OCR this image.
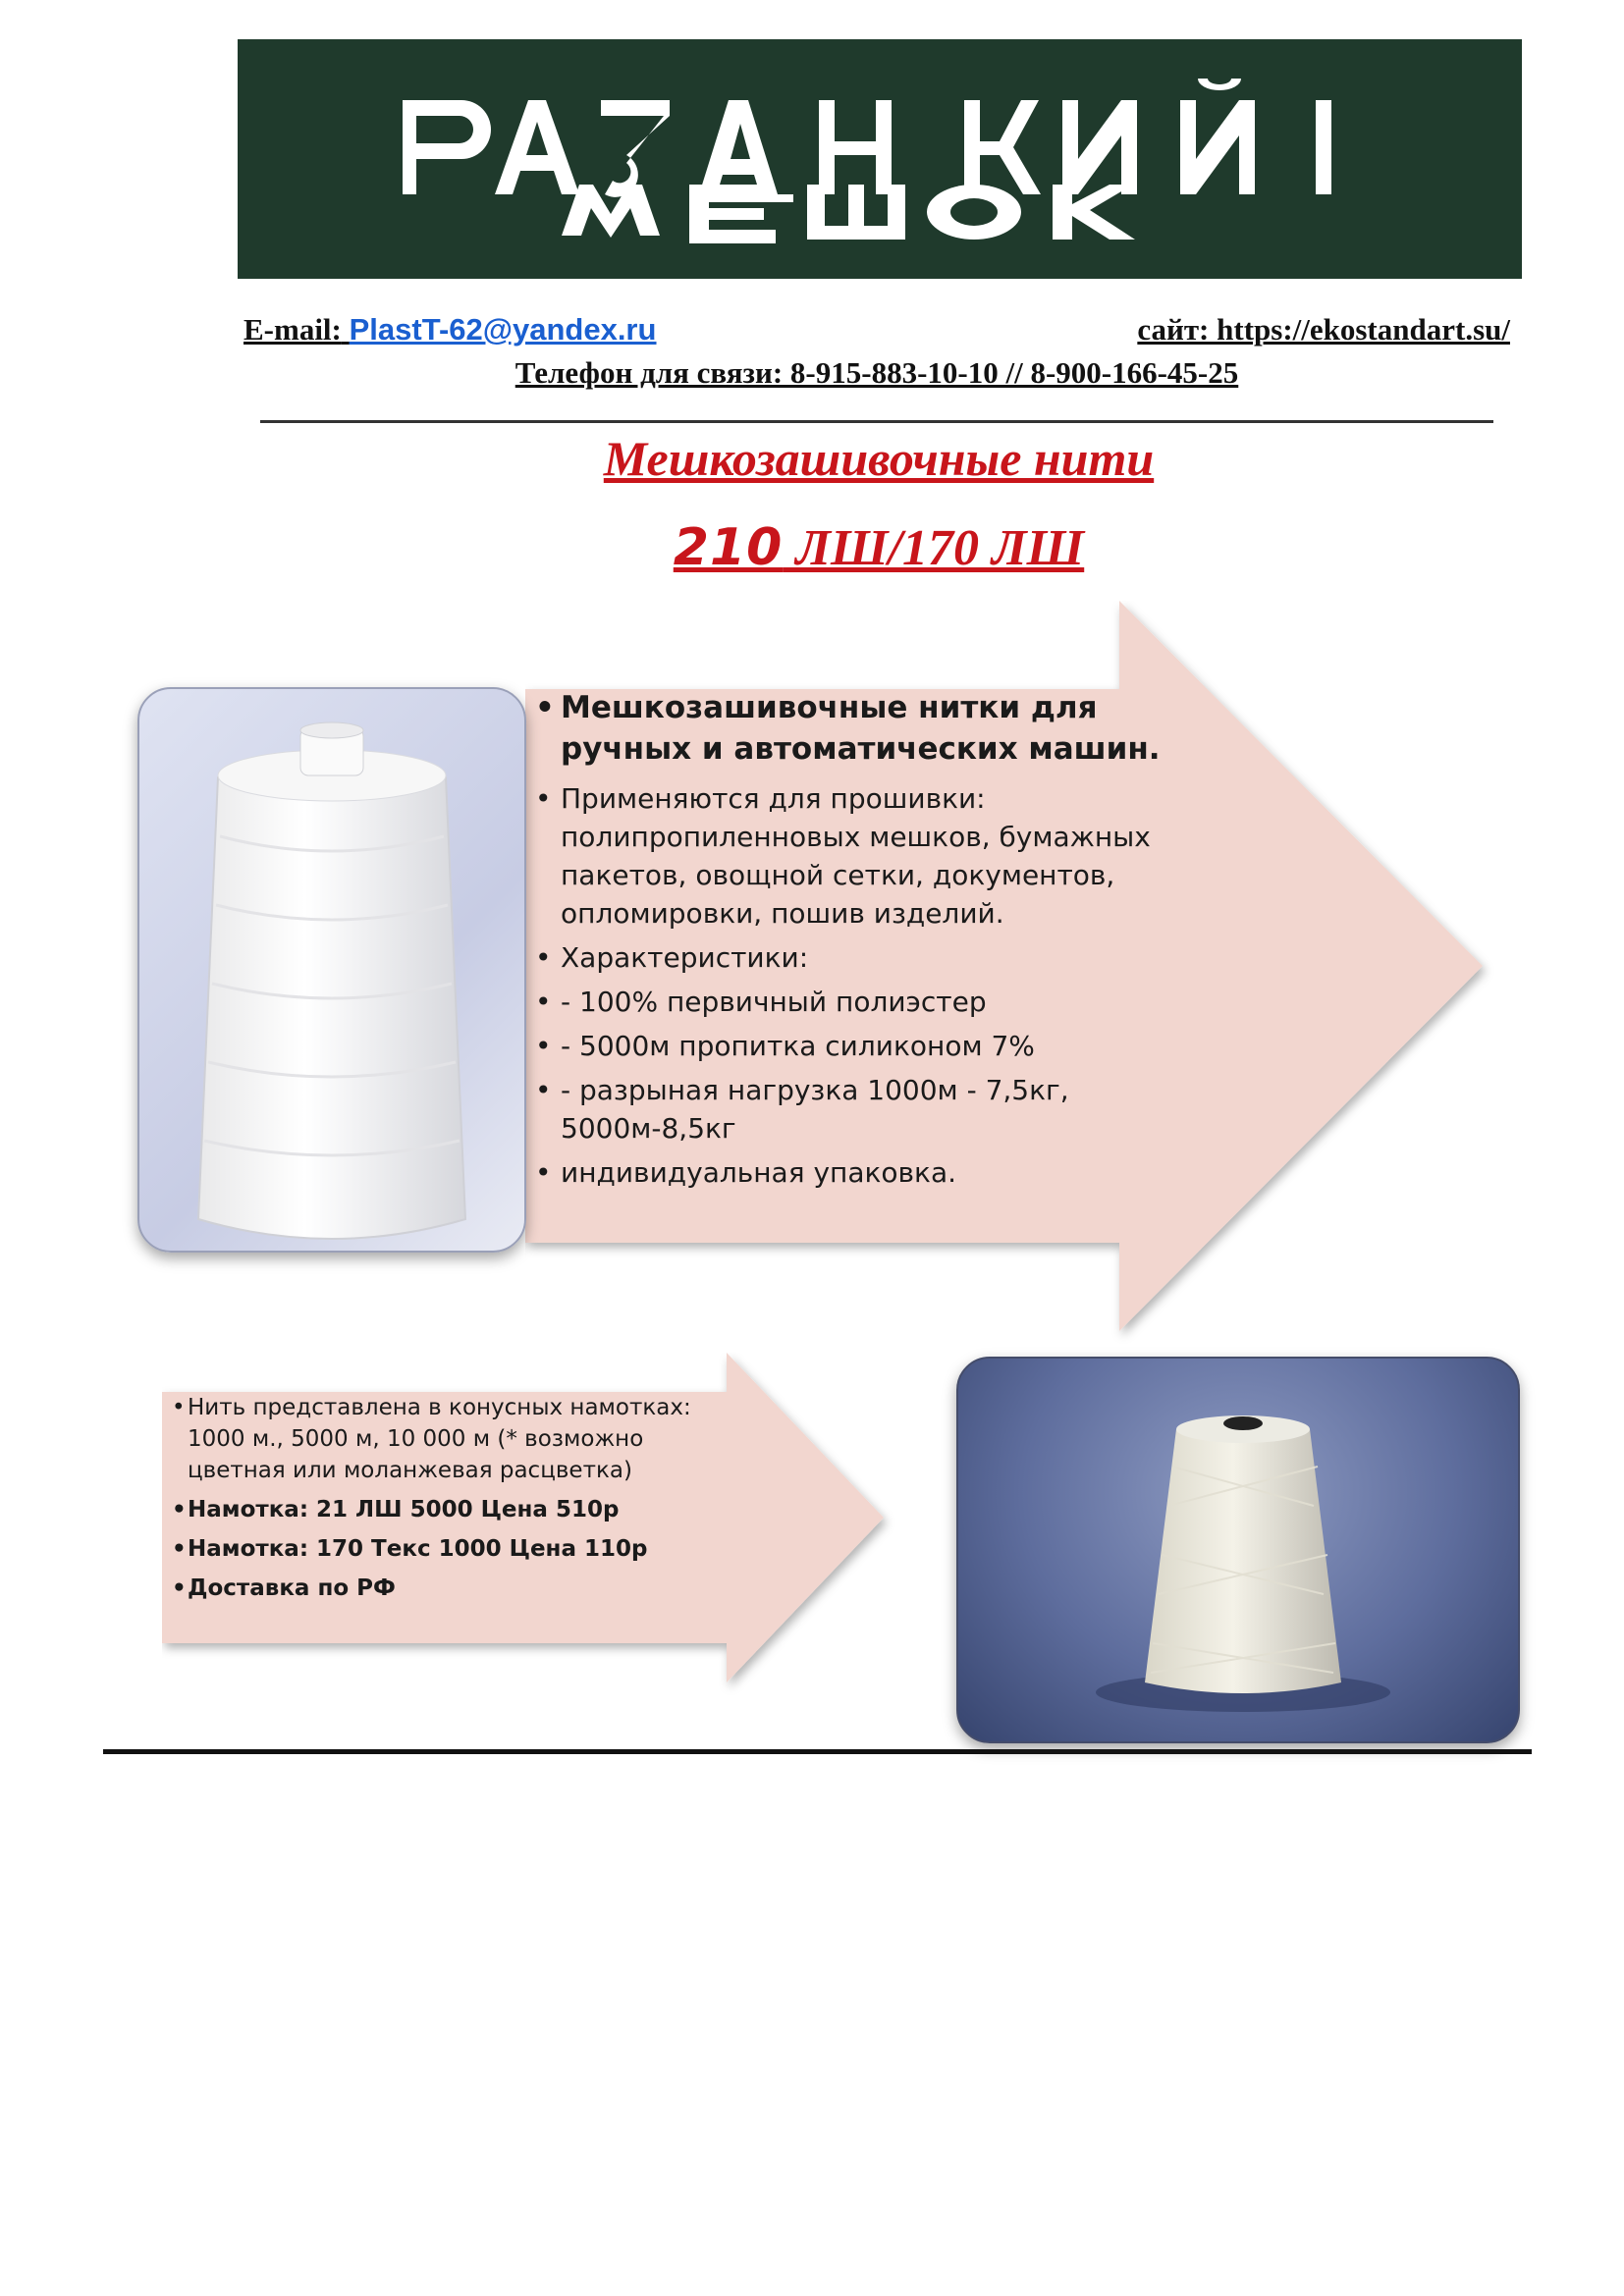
E-mail: PlastT-62@yandex.ru	сайт: https://ekostandart.su/
Телефон для связи: 8-915-883-10-10 // 8-900-166-45-25
Мешкозашивочные нити
210 ЛШ/170 ЛШ
• Мешкозашивочные нитки для ручных и автоматических машин.
• Применяются для прошивки: полипропиленновых мешков, бумажных пакетов, овощной сетки, документов, опломировки, пошив изделий.
• Характеристики:
• - 100% первичный полиэстер
• - 5000м пропитка силиконом 7%
• - разрыная нагрузка 1000м - 7,5кг, 5000м-8,5кг
• индивидуальная упаковка.
• Нить представлена в конусных намотках: 1000 м., 5000 м, 10 000 м (* возможно цветная или моланжевая расцветка)
• Намотка: 21 ЛШ 5000 Цена 510р
• Намотка: 170 Текс 1000 Цена 110р
• Доставка по РФ
